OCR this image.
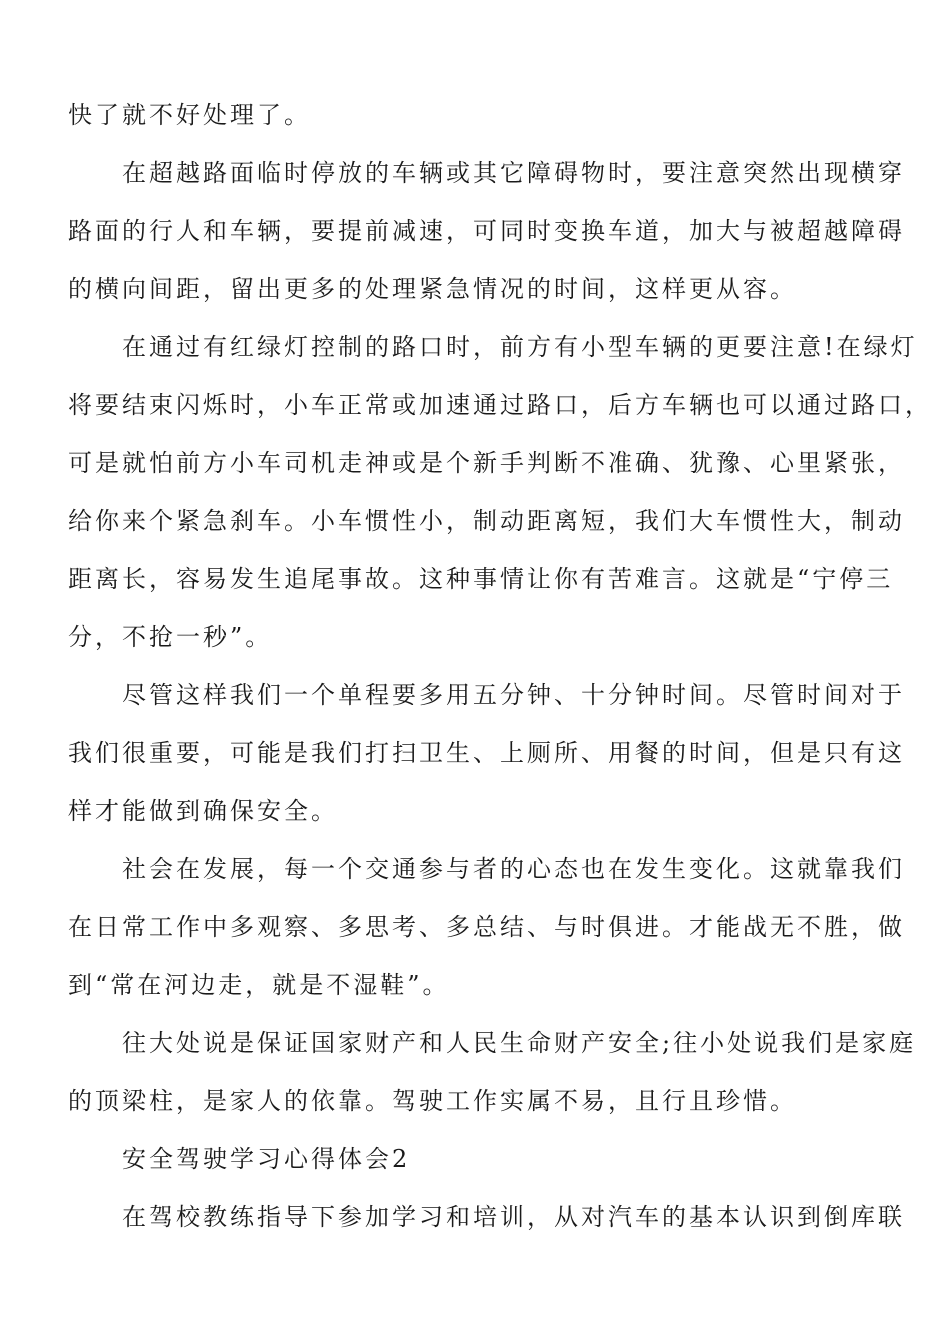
快了就不好处理了。

在超越路面临时停放的车辆或其它障碍物时，要注意突然出现横穿

路面的行人和车辆，要提前减速，可同时变换车道，加大与被超越障碍

的横向间距，留出更多的处理紧急情况的时间，这样更从容。

在通过有红绿灯控制的路口时，前方有小型车辆的更要注意!在绿灯

将要结束闪烁时，小车正常或加速通过路口，后方车辆也可以通过路口，

可是就怕前方小车司机走神或是个新手判断不准确、犹豫、心里紧张，

给你来个紧急刹车。小车惯性小，制动距离短，我们大车惯性大，制动

距离长，容易发生追尾事故。这种事情让你有苦难言。这就是“宁停三

分，不抢一秒”。

尽管这样我们一个单程要多用五分钟、十分钟时间。尽管时间对于

我们很重要，可能是我们打扫卫生、上厕所、用餐的时间，但是只有这

样才能做到确保安全。

社会在发展，每一个交通参与者的心态也在发生变化。这就靠我们

在日常工作中多观察、多思考、多总结、与时俱进。才能战无不胜，做

到“常在河边走，就是不湿鞋”。

往大处说是保证国家财产和人民生命财产安全;往小处说我们是家庭

的顶梁柱，是家人的依靠。驾驶工作实属不易，且行且珍惜。

安全驾驶学习心得体会2

在驾校教练指导下参加学习和培训，从对汽车的基本认识到倒库联
